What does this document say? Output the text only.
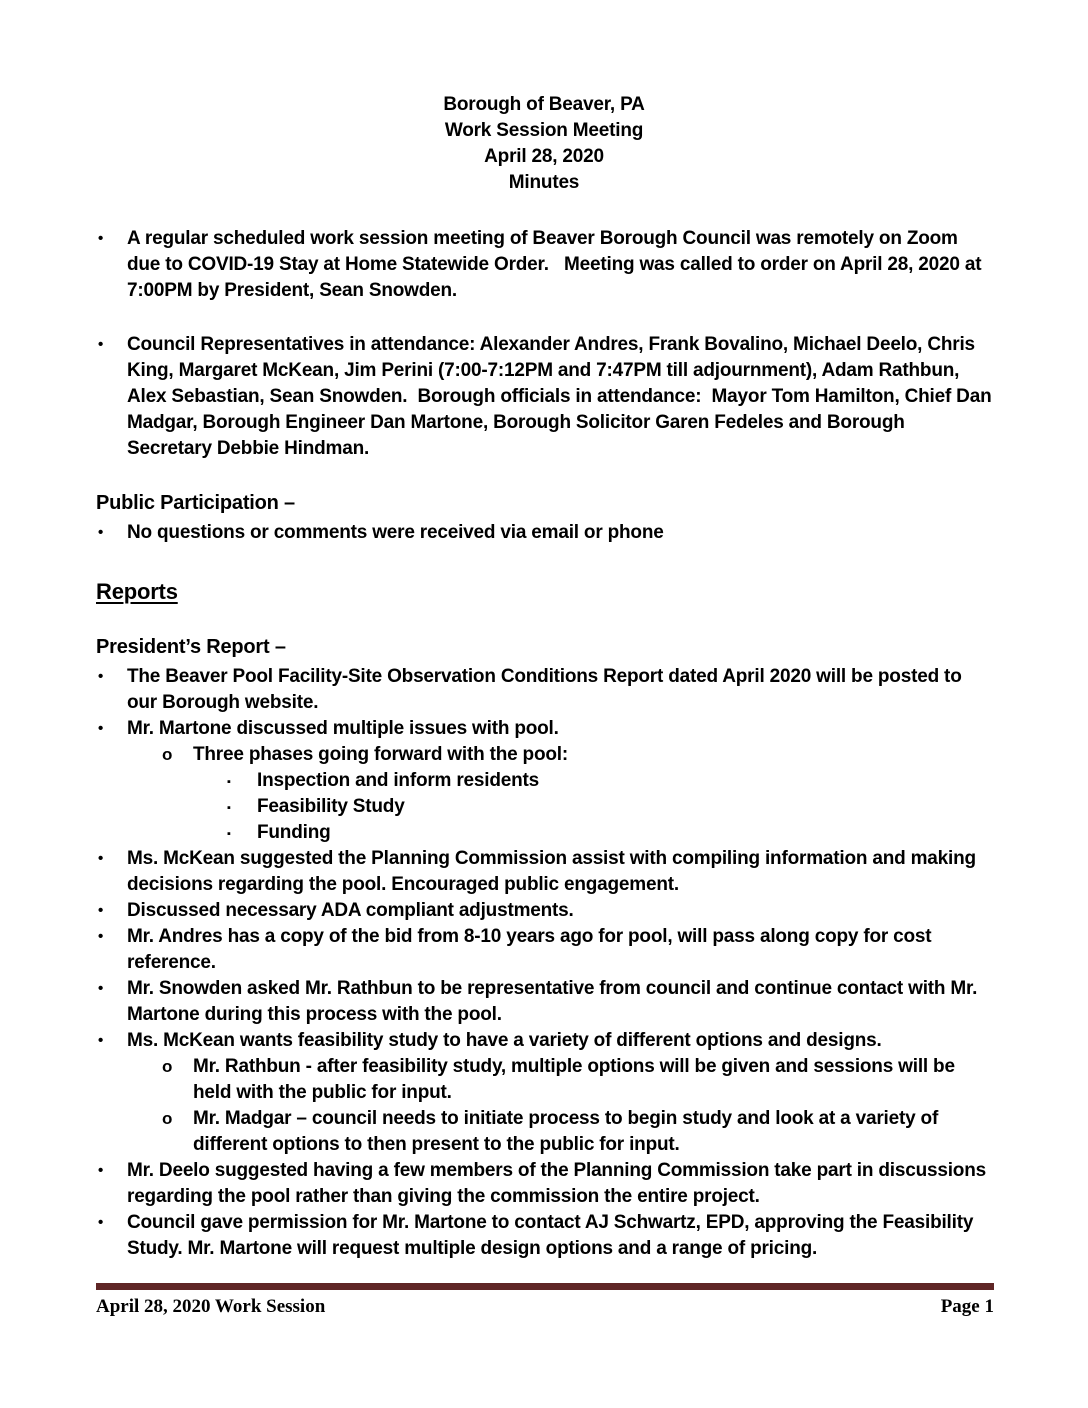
Borough of Beaver, PA
Work Session Meeting
April 28, 2020
Minutes
• A regular scheduled work session meeting of Beaver Borough Council was remotely on Zoom due to COVID-19 Stay at Home Statewide Order.   Meeting was called to order on April 28, 2020 at 7:00PM by President, Sean Snowden.
• Council Representatives in attendance: Alexander Andres, Frank Bovalino, Michael Deelo, Chris King, Margaret McKean, Jim Perini (7:00-7:12PM and 7:47PM till adjournment), Adam Rathbun, Alex Sebastian, Sean Snowden.  Borough officials in attendance:  Mayor Tom Hamilton, Chief Dan Madgar, Borough Engineer Dan Martone, Borough Solicitor Garen Fedeles and Borough Secretary Debbie Hindman.
Public Participation –
• No questions or comments were received via email or phone
Reports
President’s Report –
• The Beaver Pool Facility-Site Observation Conditions Report dated April 2020 will be posted to our Borough website.
• Mr. Martone discussed multiple issues with pool.
o Three phases going forward with the pool:
▪ Inspection and inform residents
▪ Feasibility Study
▪ Funding
• Ms. McKean suggested the Planning Commission assist with compiling information and making decisions regarding the pool. Encouraged public engagement.
• Discussed necessary ADA compliant adjustments.
• Mr. Andres has a copy of the bid from 8-10 years ago for pool, will pass along copy for cost reference.
• Mr. Snowden asked Mr. Rathbun to be representative from council and continue contact with Mr. Martone during this process with the pool.
• Ms. McKean wants feasibility study to have a variety of different options and designs.
o Mr. Rathbun - after feasibility study, multiple options will be given and sessions will be held with the public for input.
o Mr. Madgar – council needs to initiate process to begin study and look at a variety of different options to then present to the public for input.
• Mr. Deelo suggested having a few members of the Planning Commission take part in discussions regarding the pool rather than giving the commission the entire project.
• Council gave permission for Mr. Martone to contact AJ Schwartz, EPD, approving the Feasibility Study. Mr. Martone will request multiple design options and a range of pricing.
April 28, 2020 Work Session	Page 1
